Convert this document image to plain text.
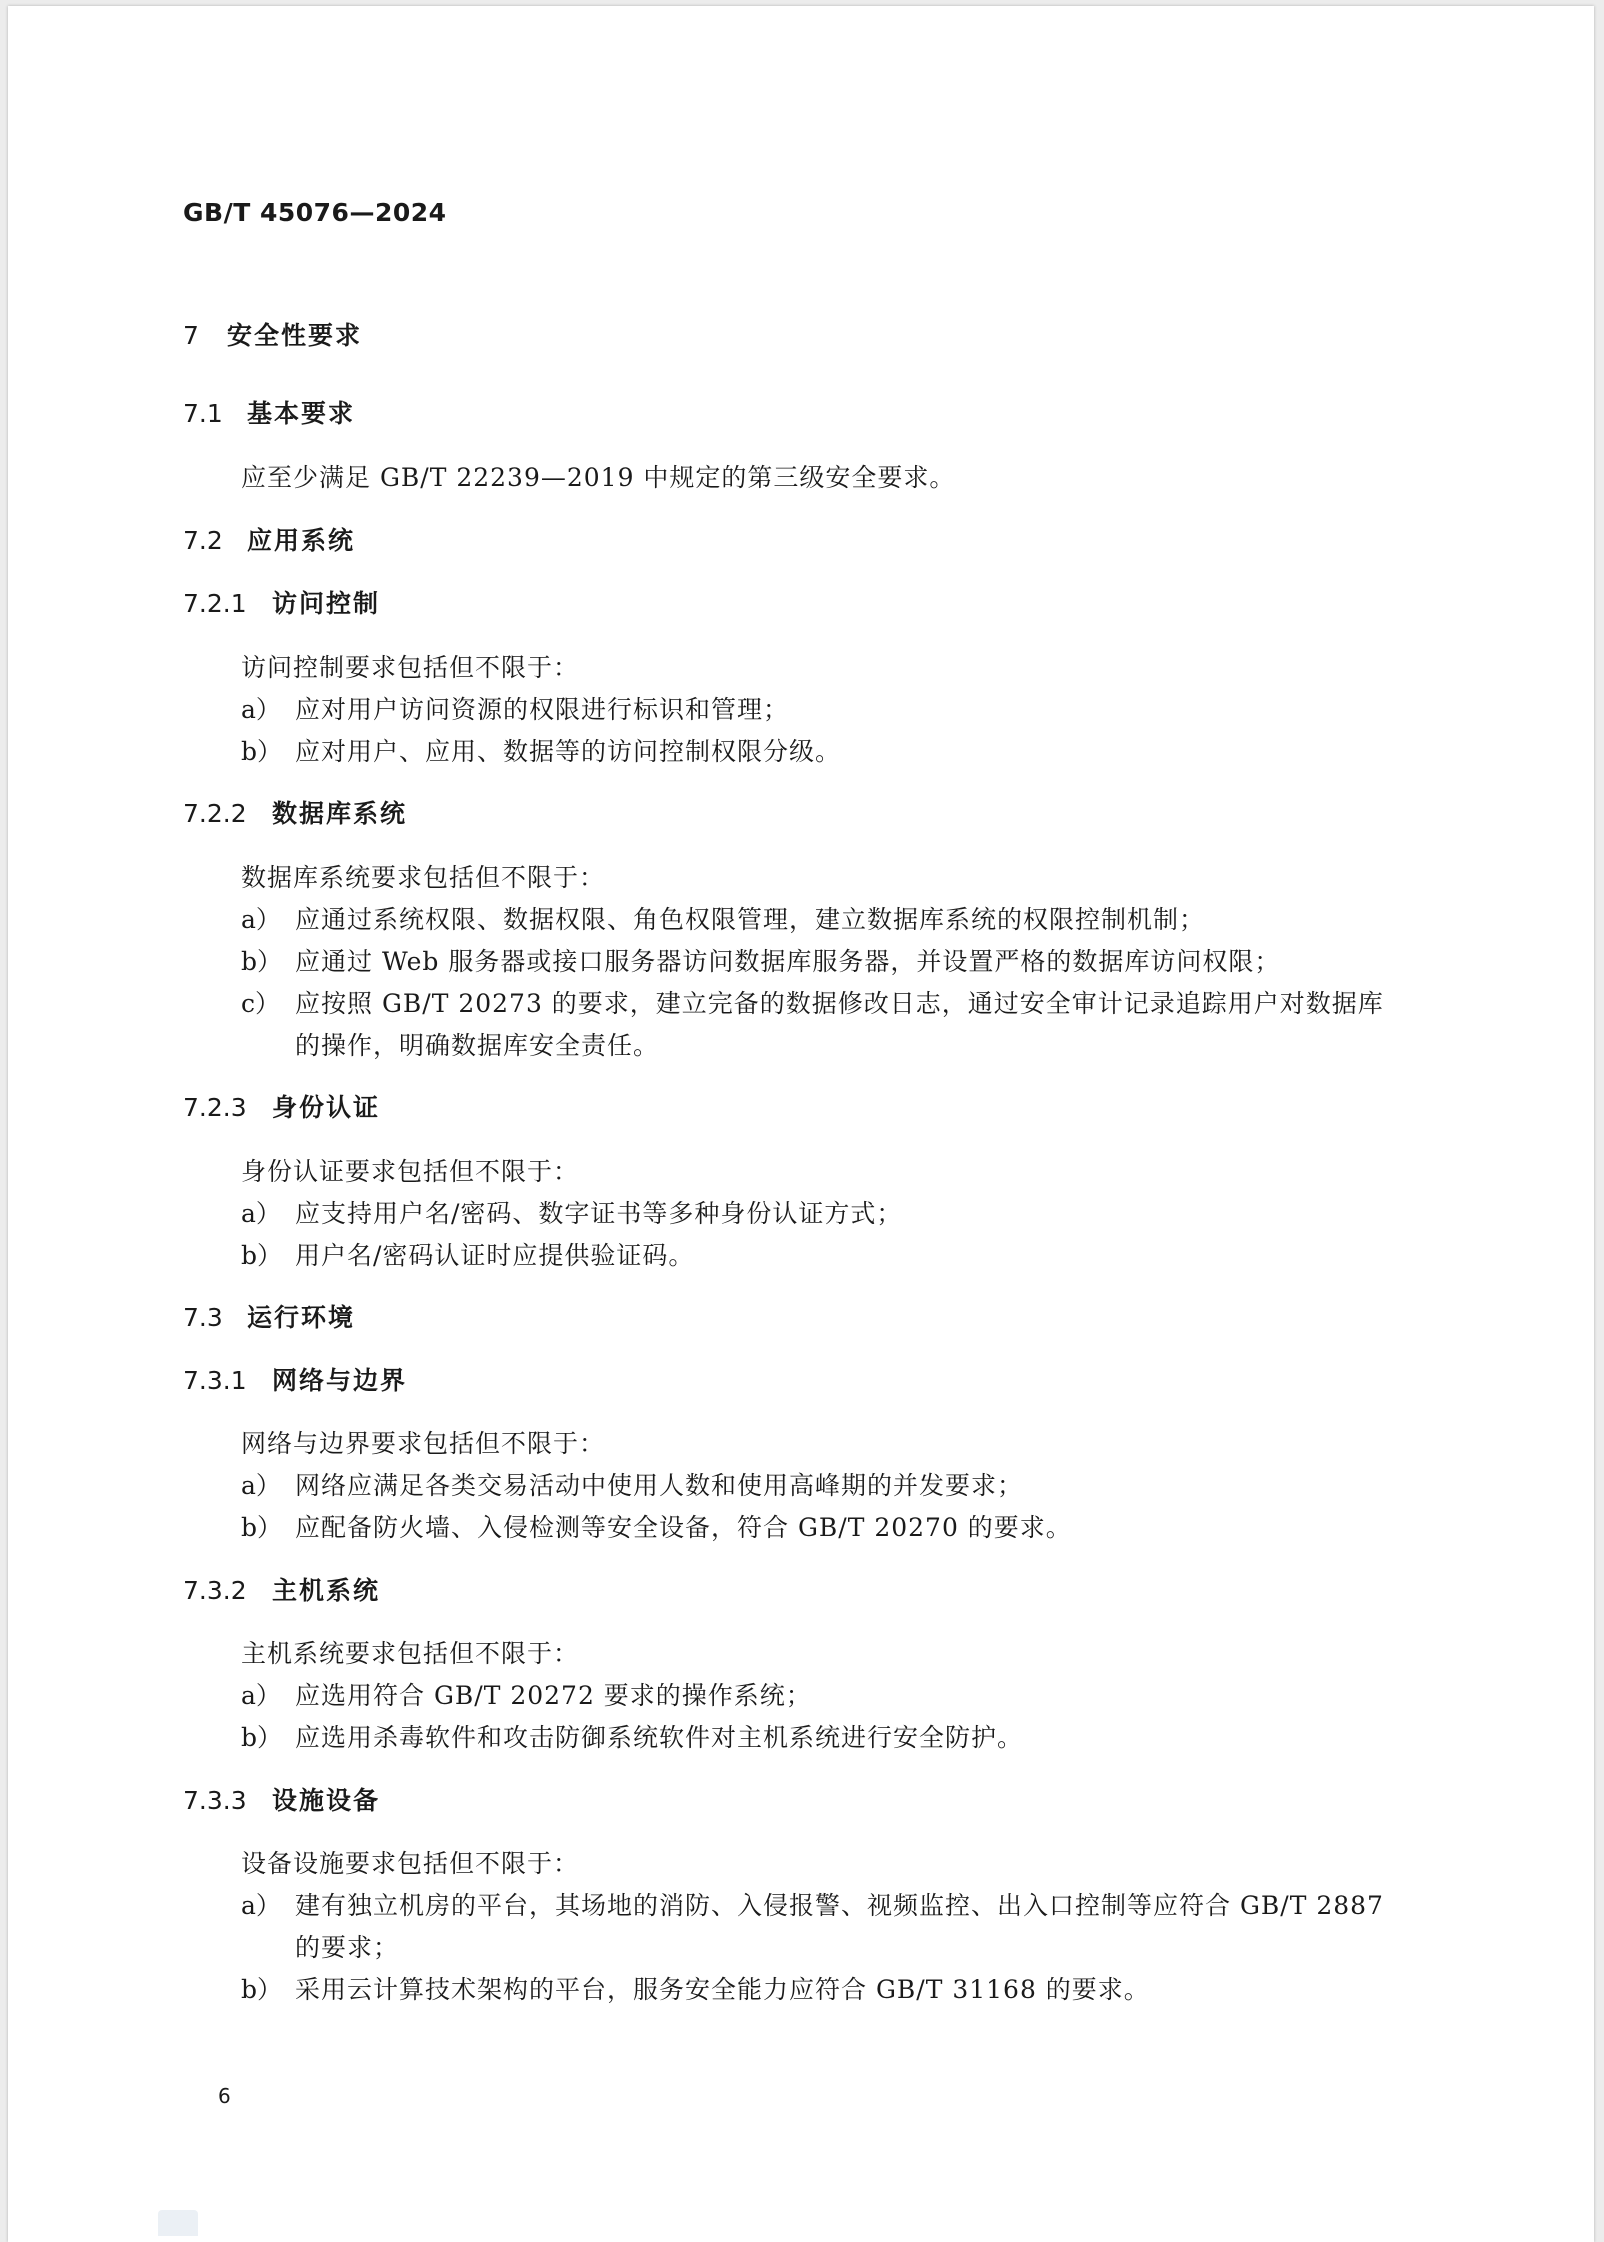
GB/T 45076—2024
7 安全性要求
7.1 基本要求
应至少满足 GB/T 22239—2019 中规定的第三级安全要求。
7.2 应用系统
7.2.1 访问控制
访问控制要求包括但不限于：
a） 应对用户访问资源的权限进行标识和管理；
b） 应对用户、应用、数据等的访问控制权限分级。
7.2.2 数据库系统
数据库系统要求包括但不限于：
a） 应通过系统权限、数据权限、角色权限管理，建立数据库系统的权限控制机制；
b） 应通过 Web 服务器或接口服务器访问数据库服务器，并设置严格的数据库访问权限；
c） 应按照 GB/T 20273 的要求，建立完备的数据修改日志，通过安全审计记录追踪用户对数据库
的操作，明确数据库安全责任。
7.2.3 身份认证
身份认证要求包括但不限于：
a） 应支持用户名/密码、数字证书等多种身份认证方式；
b） 用户名/密码认证时应提供验证码。
7.3 运行环境
7.3.1 网络与边界
网络与边界要求包括但不限于：
a） 网络应满足各类交易活动中使用人数和使用高峰期的并发要求；
b） 应配备防火墙、入侵检测等安全设备，符合 GB/T 20270 的要求。
7.3.2 主机系统
主机系统要求包括但不限于：
a） 应选用符合 GB/T 20272 要求的操作系统；
b） 应选用杀毒软件和攻击防御系统软件对主机系统进行安全防护。
7.3.3 设施设备
设备设施要求包括但不限于：
a） 建有独立机房的平台，其场地的消防、入侵报警、视频监控、出入口控制等应符合 GB/T 2887
的要求；
b） 采用云计算技术架构的平台，服务安全能力应符合 GB/T 31168 的要求。
6
